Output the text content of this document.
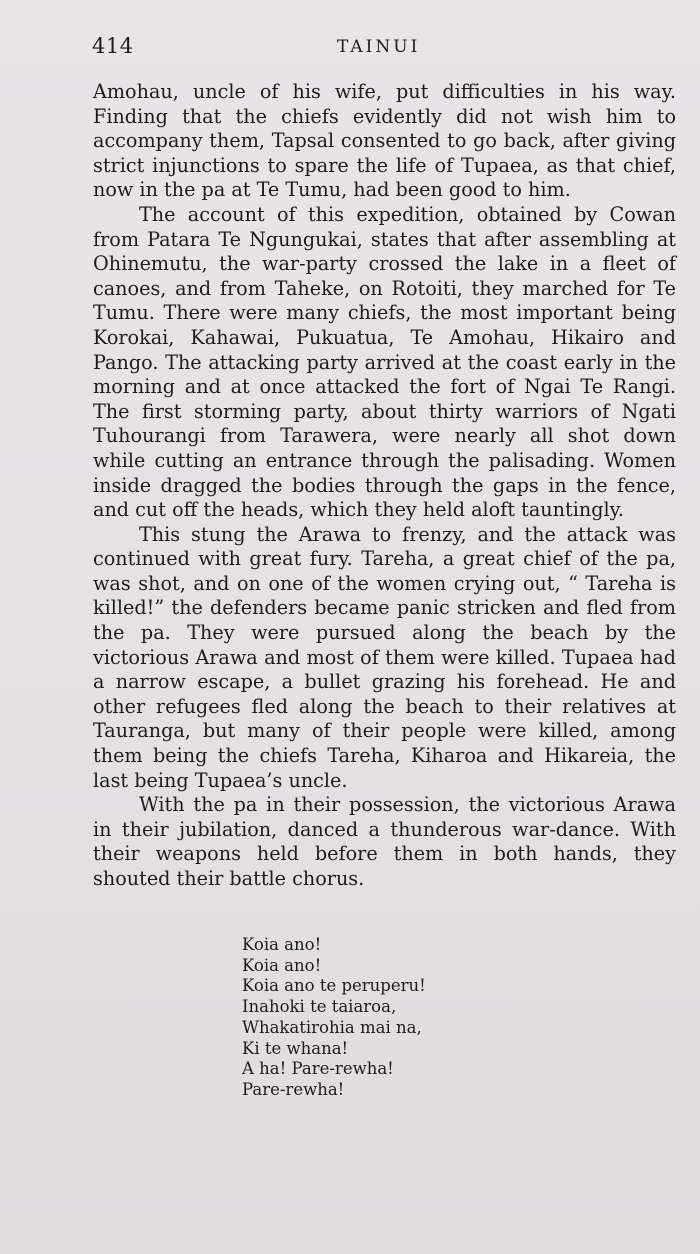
414	TAINUI

Amohau, uncle of his wife, put difficulties in his way. Finding that the chiefs evidently did not wish him to accompany them, Tapsal consented to go back, after giving strict injunctions to spare the life of Tupaea, as that chief, now in the pa at Te Tumu, had been good to him.

The account of this expedition, obtained by Cowan from Patara Te Ngungukai, states that after assembling at Ohinemutu, the war-party crossed the lake in a fleet of canoes, and from Taheke, on Rotoiti, they marched for Te Tumu. There were many chiefs, the most important being Korokai, Kahawai, Pukuatua, Te Amohau, Hikairo and Pango. The attacking party arrived at the coast early in the morning and at once attacked the fort of Ngai Te Rangi. The first storming party, about thirty warriors of Ngati Tuhourangi from Tarawera, were nearly all shot down while cutting an entrance through the palisading. Women inside dragged the bodies through the gaps in the fence, and cut off the heads, which they held aloft tauntingly.

This stung the Arawa to frenzy, and the attack was continued with great fury. Tareha, a great chief of the pa, was shot, and on one of the women crying out, “ Tareha is killed!” the defenders became panic stricken and fled from the pa. They were pursued along the beach by the victorious Arawa and most of them were killed. Tupaea had a narrow escape, a bullet grazing his forehead. He and other refugees fled along the beach to their relatives at Tauranga, but many of their people were killed, among them being the chiefs Tareha, Kiharoa and Hikareia, the last being Tupaea’s uncle.

With the pa in their possession, the victorious Arawa in their jubilation, danced a thunderous war-dance. With their weapons held before them in both hands, they shouted their battle chorus.

Koia ano!
Koia ano!
Koia ano te peruperu!
Inahoki te taiaroa,
Whakatirohia mai na,
Ki te whana!
A ha! Pare-rewha!
Pare-rewha!
